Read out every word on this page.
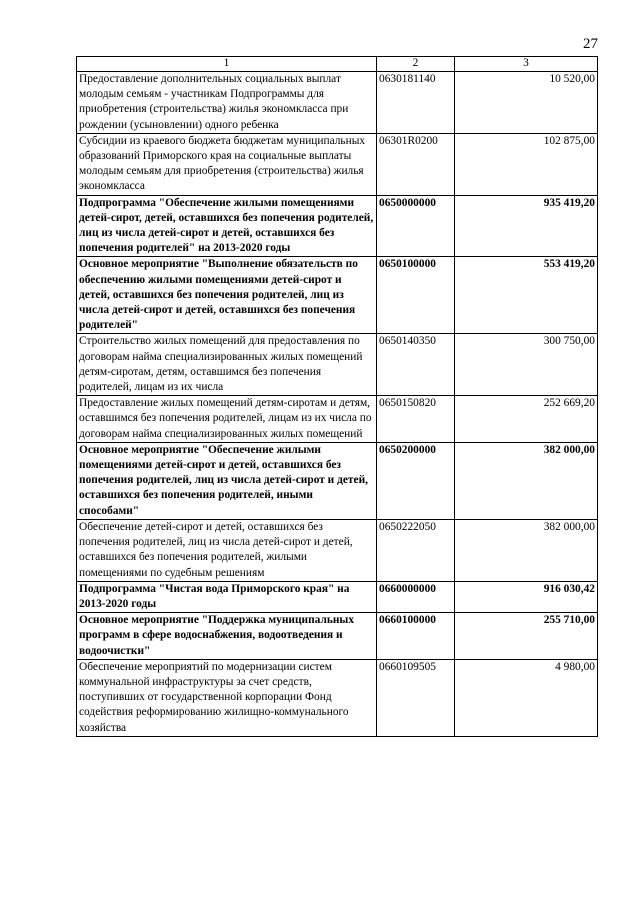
27
1	2	3
Предоставление дополнительных социальных выплат молодым семьям - участникам Подпрограммы для приобретения (строительства) жилья экономкласса при рождении (усыновлении) одного ребенка	0630181140	10 520,00
Субсидии из краевого бюджета бюджетам муниципальных образований Приморского края на социальные выплаты молодым семьям для приобретения (строительства) жилья экономкласса	06301R0200	102 875,00
Подпрограмма "Обеспечение жилыми помещениями детей-сирот, детей, оставшихся без попечения родителей, лиц из числа детей-сирот и детей, оставшихся без попечения родителей" на 2013-2020 годы	0650000000	935 419,20
Основное мероприятие "Выполнение обязательств по обеспечению жилыми помещениями детей-сирот и детей, оставшихся без попечения родителей, лиц из числа детей-сирот и детей, оставшихся без попечения родителей"	0650100000	553 419,20
Строительство жилых помещений для предоставления по договорам найма специализированных жилых помещений детям-сиротам, детям, оставшимся без попечения родителей, лицам из их числа	0650140350	300 750,00
Предоставление жилых помещений детям-сиротам и детям, оставшимся без попечения родителей, лицам из их числа по договорам найма специализированных жилых помещений	0650150820	252 669,20
Основное мероприятие "Обеспечение жилыми помещениями детей-сирот и детей, оставшихся без попечения родителей, лиц из числа детей-сирот и детей, оставшихся без попечения родителей, иными способами"	0650200000	382 000,00
Обеспечение детей-сирот и детей, оставшихся без попечения родителей, лиц из числа детей-сирот и детей, оставшихся без попечения родителей, жилыми помещениями по судебным решениям	0650222050	382 000,00
Подпрограмма "Чистая вода Приморского края" на 2013-2020 годы	0660000000	916 030,42
Основное мероприятие "Поддержка муниципальных программ в сфере водоснабжения, водоотведения и водоочистки"	0660100000	255 710,00
Обеспечение мероприятий по модернизации систем коммунальной инфраструктуры за счет средств, поступивших от государственной корпорации Фонд содействия реформированию жилищно-коммунального хозяйства	0660109505	4 980,00
